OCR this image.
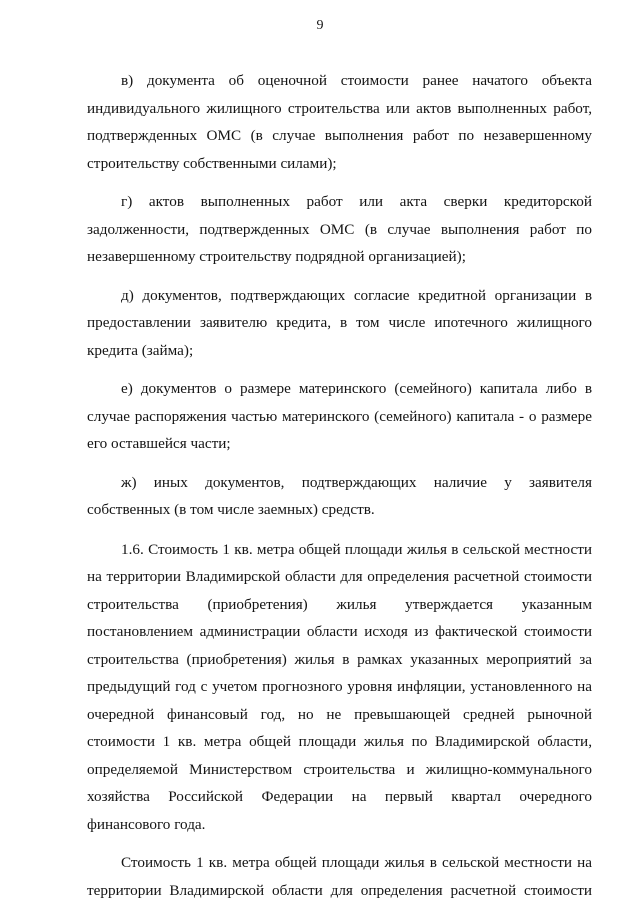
9
в) документа об оценочной стоимости ранее начатого объекта
индивидуального жилищного строительства или актов выполненных работ,
подтвержденных ОМС (в случае выполнения работ по незавершенному
строительству собственными силами);
г) актов выполненных работ или акта сверки кредиторской
задолженности, подтвержденных ОМС (в случае выполнения работ по
незавершенному строительству подрядной организацией);
д) документов, подтверждающих согласие кредитной организации в
предоставлении заявителю кредита, в том числе ипотечного жилищного
кредита (займа);
е) документов о размере материнского (семейного) капитала либо в
случае распоряжения частью материнского (семейного) капитала - о размере
его оставшейся части;
ж) иных документов, подтверждающих наличие у заявителя
собственных (в том числе заемных) средств.
1.6. Стоимость 1 кв. метра общей площади жилья в сельской местности
на территории Владимирской области для определения расчетной стоимости
строительства (приобретения) жилья утверждается указанным
постановлением администрации области исходя из фактической стоимости
строительства (приобретения) жилья в рамках указанных мероприятий за
предыдущий год с учетом прогнозного уровня инфляции, установленного на
очередной финансовый год, но не превышающей средней рыночной
стоимости 1 кв. метра общей площади жилья по Владимирской области,
определяемой Министерством строительства и жилищно-коммунального
хозяйства Российской Федерации на первый квартал очередного
финансового года.
Стоимость 1 кв. метра общей площади жилья в сельской местности на
территории Владимирской области для определения расчетной стоимости
